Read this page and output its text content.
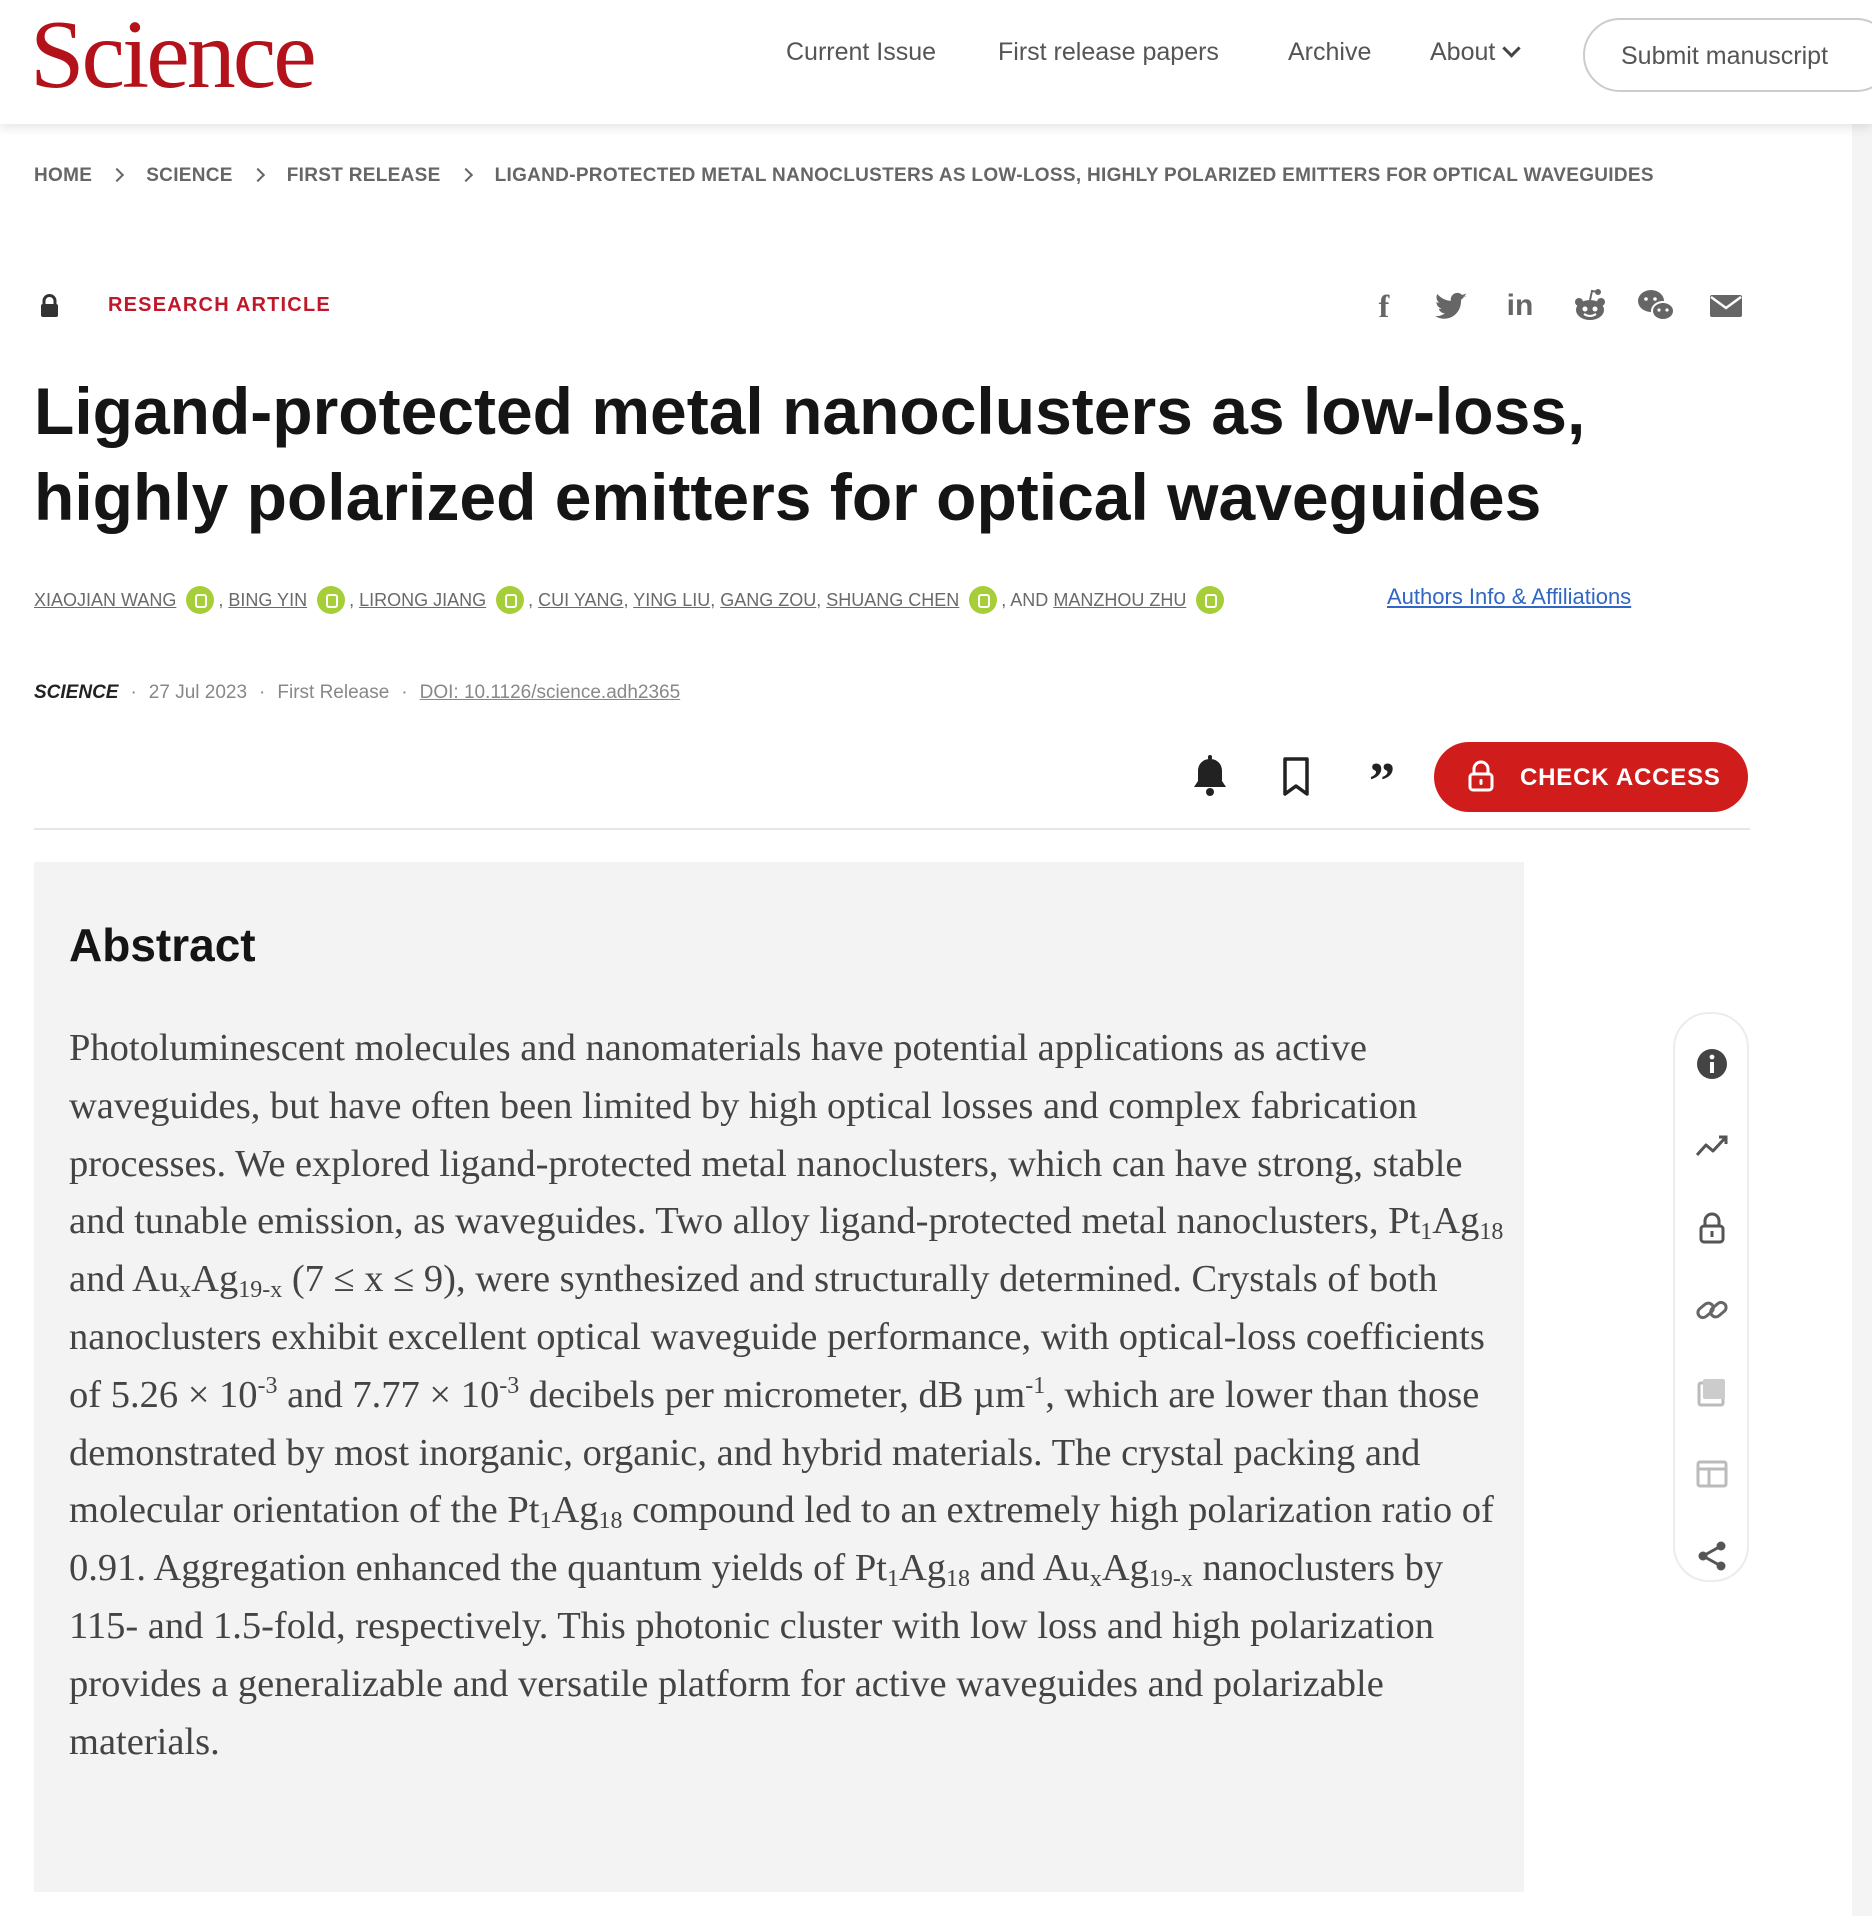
Science	Current Issue First release papers	Archive About	Submit manuscript
HOME	SCIENCE	FIRST RELEASE	LIGAND-PROTECTED METAL NANOCLUSTERS AS LOW-LOSS, HIGHLY POLARIZED EMITTERS FOR OPTICAL WAVEGUIDES
RESEARCH ARTICLE	f	in
Ligand-protected metal nanoclusters as low-loss, highly polarized emitters for optical waveguides
XIAOJIAN WANG , BING YIN , LIRONG JIANG , CUI YANG, YING LIU, GANG ZOU, SHUANG CHEN , AND MANZHOU ZHU	Authors Info & Affiliations
SCIENCE · 27 Jul 2023 · First Release · DOI: 10.1126/science.adh2365
”	CHECK ACCESS
Abstract

Photoluminescent molecules and nanomaterials have potential applications as active waveguides, but have often been limited by high optical losses and complex fabrication processes. We explored ligand-protected metal nanoclusters, which can have strong, stable and tunable emission, as waveguides. Two alloy ligand-protected metal nanoclusters, $Pt_1Ag_{18}$ and $Au_xAg_{19-x}$ (7 ≤ x ≤ 9), were synthesized and structurally determined. Crystals of both nanoclusters exhibit excellent optical waveguide performance, with optical-loss coefficients of $5.26 \times 10^{-3}$ and $7.77 \times 10^{-3}$ decibels per micrometer, dB µm$^{-1}$, which are lower than those demonstrated by most inorganic, organic, and hybrid materials. The crystal packing and molecular orientation of the $Pt_1Ag_{18}$ compound led to an extremely high polarization ratio of 0.91. Aggregation enhanced the quantum yields of $Pt_1Ag_{18}$ and $Au_xAg_{19-x}$ nanoclusters by 115- and 1.5-fold, respectively. This photonic cluster with low loss and high polarization provides a generalizable and versatile platform for active waveguides and polarizable materials.
